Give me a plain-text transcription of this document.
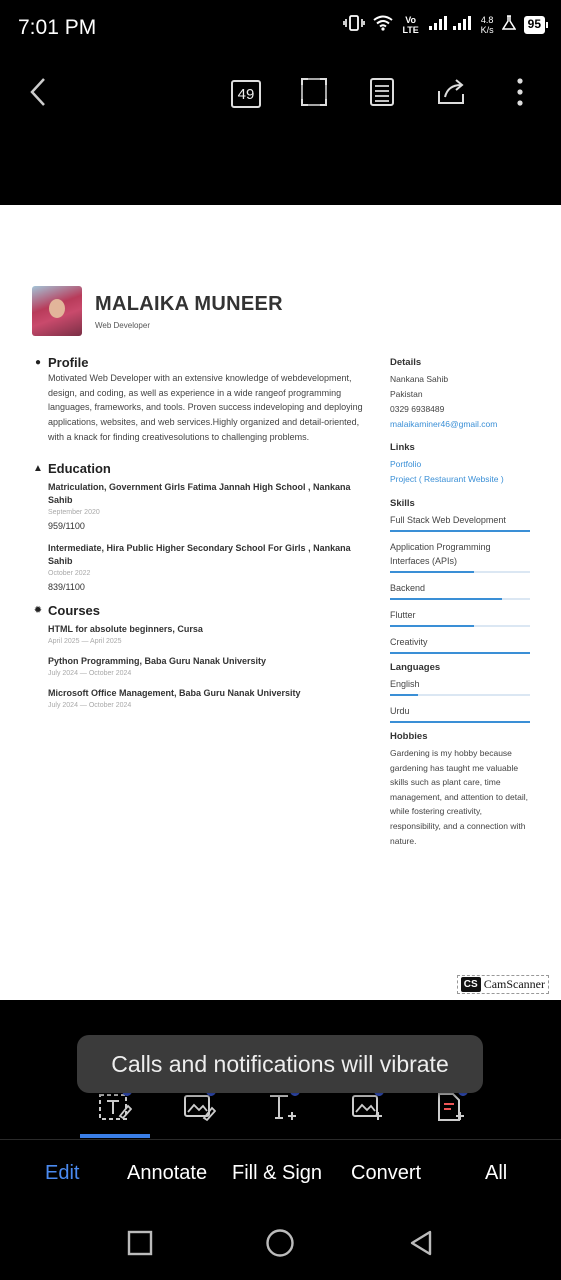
7:01 PM	Vo LTE
4.8
K/s	95
49
MALAIKA MUNEER
Web Developer
● Profile
Motivated Web Developer with an extensive knowledge of webdevelopment, design, and coding, as well as experience in a wide rangeof programming languages, frameworks, and tools. Proven success indeveloping and deploying applications, websites, and web services.Highly organized and detail-oriented, with a knack for finding creativesolutions to challenging problems.
▲ Education
Matriculation, Government Girls Fatima Jannah High School , Nankana Sahib
September 2020
959/1100
Intermediate, Hira Public Higher Secondary School For Girls , Nankana Sahib
October 2022
839/1100
✹ Courses
HTML for absolute beginners, Cursa
April 2025 — April 2025
Python Programming, Baba Guru Nanak University
July 2024 — October 2024
Microsoft Office Management, Baba Guru Nanak University
July 2024 — October 2024
Details
Nankana Sahib
Pakistan
0329 6938489
malaikaminer46@gmail.com
Links
Portfolio
Project ( Restaurant Website )
Skills
Full Stack Web Development
Application Programming Interfaces (APIs)
Backend
Flutter
Creativity
Languages
English
Urdu
Hobbies
Gardening is my hobby because gardening has taught me valuable skills such as plant care, time management, and attention to detail, while fostering creativity, responsibility, and a connection with nature.
CS CamScanner
Calls and notifications will vibrate
Edit Annotate Fill & Sign Convert	All
